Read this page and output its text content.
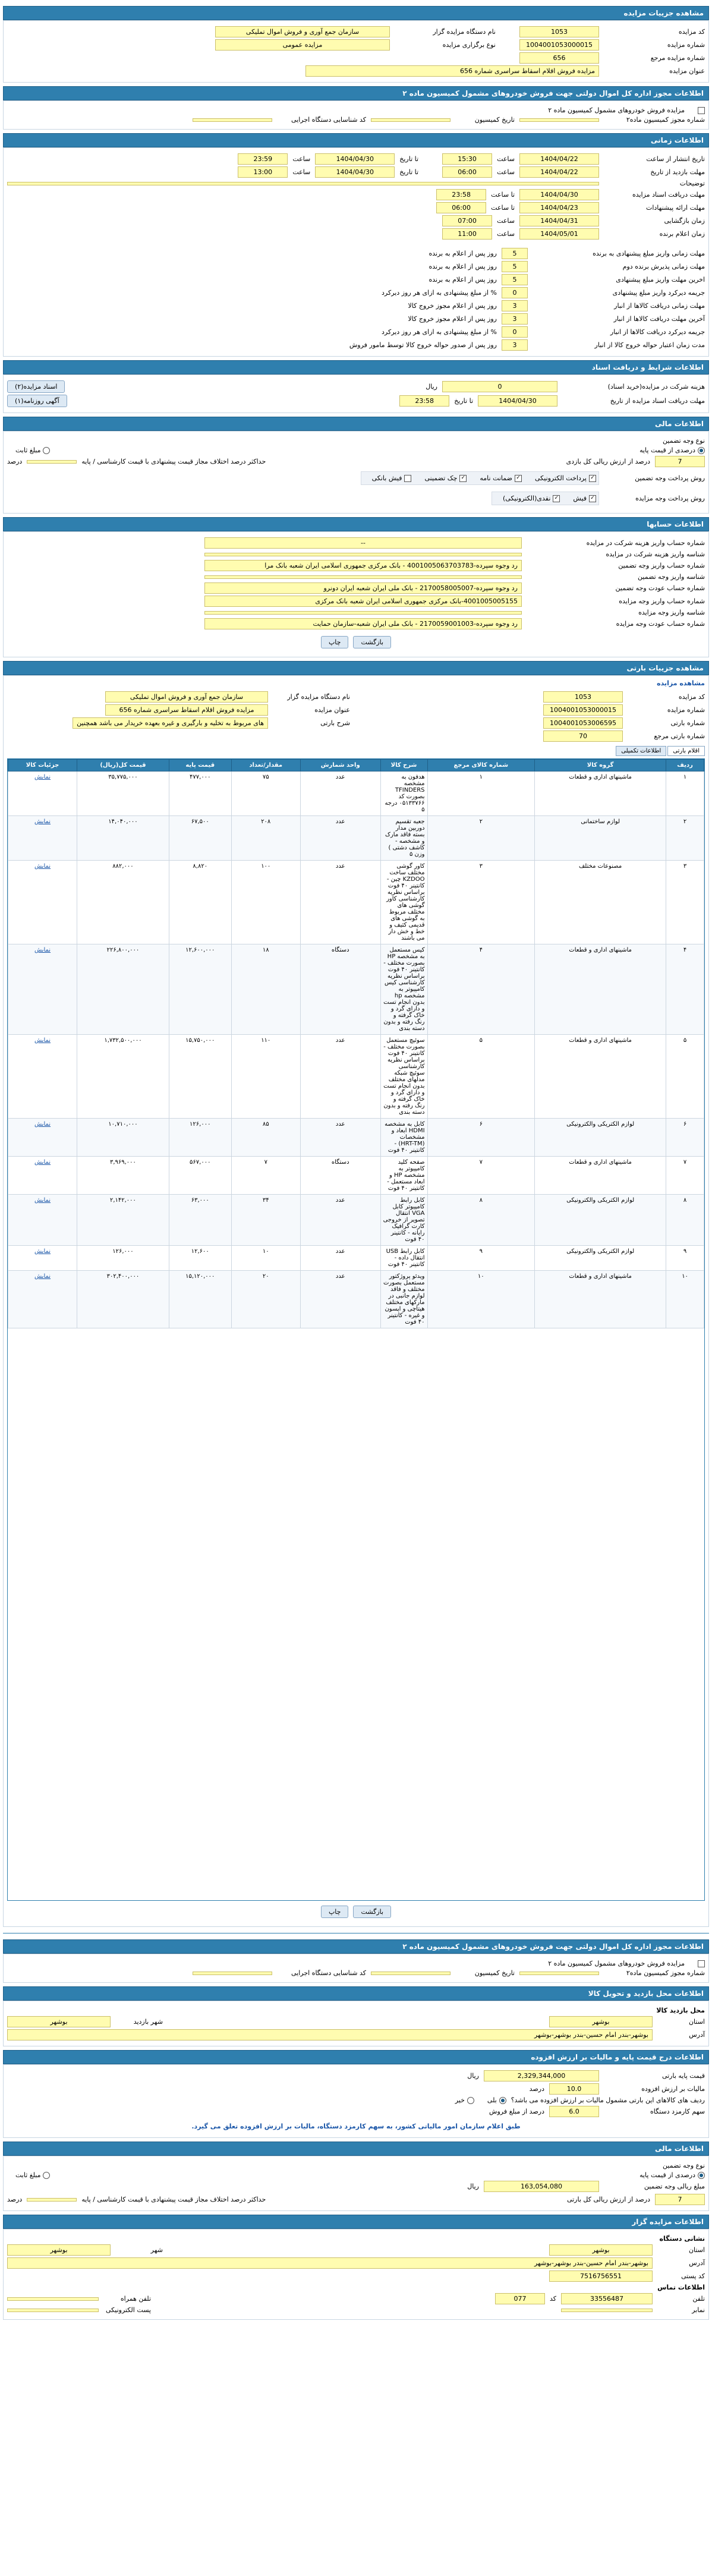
مشاهده جزییات مزایده
کد مزایده
1053
نام دستگاه مزایده گزار
سازمان جمع آوری و فروش اموال تملیکی
شماره مزایده
1004001053000015
نوع برگزاری مزایده
مزایده عمومی
شماره مزایده مرجع
656
عنوان مزایده
مزایده فروش اقلام اسقاط سراسری شماره 656
اطلاعات مجوز اداره کل اموال دولتی جهت فروش خودروهای مشمول کمیسیون ماده ۲
مزایده فروش خودروهای مشمول کمیسیون ماده ۲
شماره مجوز کمیسیون ماده۲
تاریخ کمیسیون
کد شناسایی دستگاه اجرایی
اطلاعات زمانی
تاریخ انتشار از ساعت
1404/04/22
ساعت
15:30
تا تاریخ
1404/04/30
ساعت
23:59
مهلت بازدید از تاریخ
1404/04/22
ساعت
06:00
تا تاریخ
1404/04/30
ساعت
13:00
توضیحات
مهلت دریافت اسناد مزایده
1404/04/30
تا ساعت
23:58
مهلت ارائه پیشنهادات
1404/04/23
تا ساعت
06:00
زمان بازگشایی
1404/04/31
ساعت
07:00
زمان اعلام برنده
1404/05/01
ساعت
11:00
مهلت زمانی واریز مبلغ پیشنهادی به برنده
5
روز پس از اعلام به برنده
مهلت زمانی پذیرش برنده دوم
5
روز پس از اعلام به برنده
اخرین مهلت واریز مبلغ پیشنهادی
5
روز پس از اعلام به برنده
جریمه دیرکرد واریز مبلغ پیشنهادی
0
% از مبلغ پیشنهادی به ازای هر روز دیرکرد
مهلت زمانی دریافت کالاها از انبار
3
روز پس از اعلام مجوز خروج کالا
آخرین مهلت دریافت کالاها از انبار
3
روز پس از اعلام مجوز خروج کالا
جریمه دیرکرد دریافت کالاها از انبار
0
% از مبلغ پیشنهادی به ازای هر روز دیرکرد
مدت زمان اعتبار حواله خروج کالا از انبار
3
روز پس از صدور حواله خروج کالا توسط مامور فروش
اطلاعات شرایط و دریافت اسناد
هزینه شرکت در مزایده(خرید اسناد)
0
ریال
اسناد مزایده(۲)
مهلت دریافت اسناد مزایده از تاریخ
1404/04/30
تا تاریخ
23:58
آگهی روزنامه(۱)
اطلاعات مالی
نوع وجه تضمین
درصدی از قیمت پایه
مبلغ ثابت
7
درصد از ارزش ریالی کل بازدی
حداکثر درصد اختلاف مجاز قیمت پیشنهادی با قیمت کارشناسی / پایه
درصد
روش پرداخت وجه تضمین
✓
پرداخت الکترونیکی
✓
ضمانت نامه
✓
چک تضمینی
فیش بانکی
روش پرداخت وجه مزایده
✓
فیش
✓
نقدی(الکترونیکی)
اطلاعات حسابها
شماره حساب واریز هزینه شرکت در مزایده
--
شناسه واریز هزینه شرکت در مزایده
شماره حساب واریز وجه تضمین
رد وجوه سپرده-4001005063703783 - بانک مرکزی جمهوری اسلامی ایران شعبه بانک مرا
شناسه واریز وجه تضمین
شماره حساب عودت وجه تضمین
رد وجوه سپرده-2170058005007 - بانک ملی ایران شعبه ایران دونرو
شماره حساب واریز وجه مزایده
4001005005155-بانک مرکزی جمهوری اسلامی ایران شعبه بانک مرکزی
شناسه واریز وجه مزایده
شماره حساب عودت وجه مزایده
رد وجوه سپرده-2170059001003 - بانک ملی ایران شعبه-سازمان حمایت
بازگشت
چاپ
مشاهده جزییات بارتی
مشاهده مزایده
کد مزایده
1053
شماره مزایده
1004001053000015
شماره بارتی
1004001053006595
شماره بارتی مرجع
70
نام دستگاه مزایده گزار
سازمان جمع آوری و فروش اموال تملیکی
عنوان مزایده
مزایده فروش اقلام اسقاط سراسری شماره 656
شرح بارتی
های مربوط به تخلیه و بارگیری و غیره بعهده خریدار می باشد همچنین
اقلام بارتی
اطلاعات تکمیلی
ردیف	گروه کالا	شماره کالای مرجع	شرح کالا	واحد شمارش	مقدار/تعداد	قیمت پایه	قیمت کل(ریال)	جزئیات کالا
۱	ماشینهای اداری و قطعات	۱	هدفون به مشخصه TFINDERS بصورت کد ۰۵۱۳۳۷۶۶ درجه ۵	عدد	۷۵	۴۷۷,۰۰۰	۳۵,۷۷۵,۰۰۰	نمایش
۲	لوازم ساختمانی	۲	جعبه تقسیم دوربین مدار بسته فاقد مارک و مشخصه - کاشف دشتی ) وزن ۵	عدد	۲۰۸	۶۷,۵۰۰	۱۴,۰۴۰,۰۰۰	نمایش
۳	مصنوعات مختلف	۳	کاور گوشی مختلف ساخت KZDOO چین - کانتینر ۴۰ فوت براساس نظریه کارشناسی کاور گوشی های مختلف مربوط به گوشی های قدیمی کثیف و خط و خش دار می باشند	عدد	۱۰۰	۸,۸۲۰	۸۸۲,۰۰۰	نمایش
۴	ماشینهای اداری و قطعات	۴	کیس مستعمل به مشخصه HP بصورت مختلف - کانتینر ۴۰ فوت براساس نظریه کارشناسی کیس کامپیوتر به مشخصه hp بدون انجام تست و دارای گرد و خاک گرفته و رنگ رفته و بدون دسته بندی	دستگاه	۱۸	۱۲,۶۰۰,۰۰۰	۲۲۶,۸۰۰,۰۰۰	نمایش
۵	ماشینهای اداری و قطعات	۵	سوئیچ مستعمل بصورت مختلف - کانتینر ۴۰ فوت براساس نظریه کارشناسی سوئیچ شبکه مدلهای مختلف بدون انجام تست و دارای گرد و خاک گرفته و رنگ رفته و بدون دسته بندی	عدد	۱۱۰	۱۵,۷۵۰,۰۰۰	۱,۷۳۲,۵۰۰,۰۰۰	نمایش
۶	لوازم الکتریکی والکترونیکی	۶	کابل به مشخصه HDMI ابعاد و مشخصات (HRT-TM) - کانتینر ۴۰ فوت	عدد	۸۵	۱۲۶,۰۰۰	۱۰,۷۱۰,۰۰۰	نمایش
۷	ماشینهای اداری و قطعات	۷	صفحه کلید کامپیوتر به مشخصه HP و ابعاد مستعمل - کانتینر ۴۰ فوت	دستگاه	۷	۵۶۷,۰۰۰	۳,۹۶۹,۰۰۰	نمایش
۸	لوازم الکتریکی والکترونیکی	۸	کابل رابط کامپیوتر کابل VGA انتقال تصویر از خروجی کارت گرافیک رایانه - کانتینر ۴۰ فوت	عدد	۳۴	۶۳,۰۰۰	۲,۱۴۲,۰۰۰	نمایش
۹	لوازم الکتریکی والکترونیکی	۹	کابل رابط USB انتقال داده - کانتینر ۴۰ فوت	عدد	۱۰	۱۲,۶۰۰	۱۲۶,۰۰۰	نمایش
۱۰	ماشینهای اداری و قطعات	۱۰	ویدئو پروژکتور مستعمل بصورت مختلف و فاقد لوازم جانبی در مارکهای مختلف هیتاچی و اپسون و غیره - کانتینر ۴۰ فوت	عدد	۲۰	۱۵,۱۲۰,۰۰۰	۳۰۲,۴۰۰,۰۰۰	نمایش
بازگشت
چاپ
اطلاعات مجوز اداره کل اموال دولتی جهت فروش خودروهای مشمول کمیسیون ماده ۲
مزایده فروش خودروهای مشمول کمیسیون ماده ۲
شماره مجوز کمیسیون ماده۲
تاریخ کمیسیون
کد شناسایی دستگاه اجرایی
اطلاعات محل بازدید و تحویل کالا
محل بازدید کالا
استان
بوشهر
شهر بازدید
بوشهر
آدرس
بوشهر-بندر امام حسین-بندر بوشهر-بوشهر
اطلاعات درج قیمت پایه و مالیات بر ارزش افزوده
قیمت پایه بارتی
2,329,344,000
ریال
مالیات بر ارزش افزوده
10.0
درصد
ردیف های کالاهای این بارتی مشمول مالیات بر ارزش افزوده می باشد؟
بلی
خیر
سهم کارمزد دستگاه
6.0
درصد از مبلغ فروش
طبق اعلام سازمان امور مالیاتی کشور، به سهم کارمزد دستگاه، مالیات بر ارزش افزوده تعلق می گیرد.
اطلاعات مالی
نوع وجه تضمین
درصدی از قیمت پایه
مبلغ ثابت
مبلغ ریالی وجه تضمین
163,054,080
ریال
7
درصد از ارزش ریالی کل بارتی
حداکثر درصد اختلاف مجاز قیمت پیشنهادی با قیمت کارشناسی / پایه
درصد
اطلاعات مزایده گزار
نشانی دستگاه
استان
بوشهر
شهر
بوشهر
آدرس
بوشهر-بندر امام حسین-بندر بوشهر-بوشهر
کد پستی
7516756551
اطلاعات تماس
تلفن
33556487
کد
077
تلفن همراه
نمابر
پست الکترونیکی
